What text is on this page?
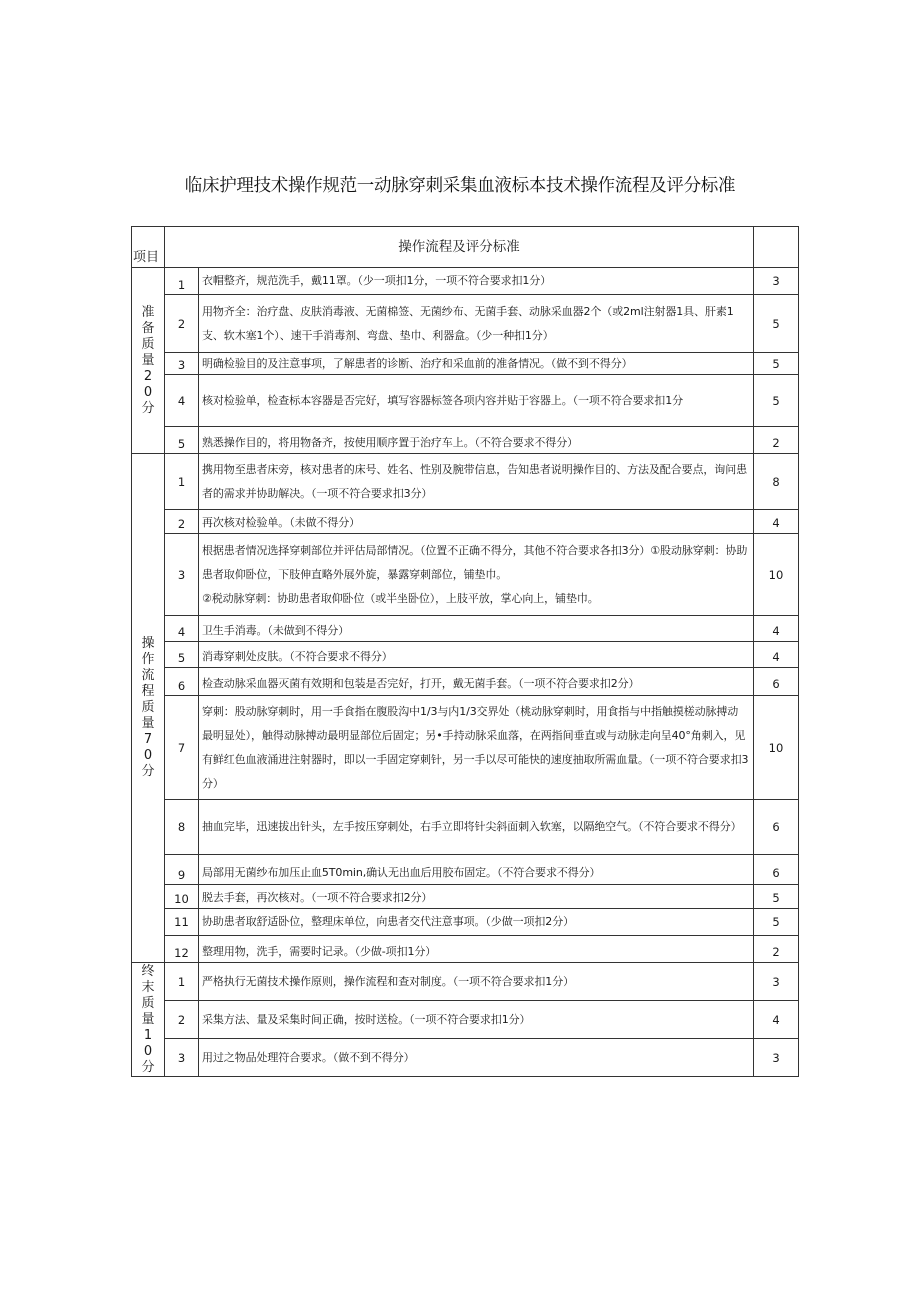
临床护理技术操作规范一动脉穿刺采集血液标本技术操作流程及评分标准
项目	操作流程及评分标准		
准备质量20分	1	衣帽整齐，规范洗手，戴11罩。（少一项扣1分，一项不符合要求扣1分）	3
	2	用物齐全：治疗盘、皮肤消毒液、无菌棉签、无菌纱布、无菌手套、动脉采血器2个（或2ml注射器1具、肝素1支、软木塞1个）、速干手消毒剂、弯盘、垫巾、利器盒。（少一种扣1分）	5
	3	明确检验目的及注意事项，了解患者的诊断、治疗和采血前的准备情况。（做不到不得分）	5
	4	核对检验单，检查标本容器是否完好，填写容器标签各项内容并贴于容器上。（一项不符合要求扣1分	5
	5	熟悉操作目的，将用物备齐，按使用顺序置于治疗车上。（不符合要求不得分）	2
操作流程质量70分	1	携用物至患者床旁，核对患者的床号、姓名、性别及腕带信息，告知患者说明操作目的、方法及配合要点，询问患者的需求并协助解决。（一项不符合要求扣3分）	8
	2	再次核对检验单。（未做不得分）	4
	3	根据患者情况选择穿刺部位并评估局部情况。（位置不正确不得分，其他不符合要求各扣3分）①股动脉穿刺：协助患者取仰卧位，下肢伸直略外展外旋，暴露穿刺部位，铺垫巾。
②税动脉穿刺：协助患者取仰卧位（或半坐卧位），上肢平放，掌心向上，铺垫巾。	10
	4	卫生手消毒。（未做到不得分）	4
	5	消毒穿刺处皮肤。（不符合要求不得分）	4
	6	检查动脉采血器灭菌有效期和包装是否完好，打开，戴无菌手套。（一项不符合要求扣2分）	6
	7	穿刺：股动脉穿刺时，用一手食指在腹股沟中1/3与内1/3交界处（桃动脉穿刺时，用食指与中指触摸槎动脉搏动最明显处），触得动脉搏动最明显部位后固定；另•手持动脉采血落，在两指间垂直或与动脉走向呈40°角刺入，见有鲜红色血液涌进注射器时，即以一手固定穿刺针，另一手以尽可能快的速度抽取所需血量。（一项不符合要求扣3分）	10
	8	抽血完毕，迅速拔出针头，左手按压穿刺处，右手立即将针尖斜面刺入软塞，以隔绝空气。（不符合要求不得分）	6
	9	局部用无菌纱布加压止血5T0min,确认无出血后用胶布固定。（不符合要求不得分）	6
	10	脱去手套，再次核对。（一项不符合要求扣2分）	5
	11	协助患者取舒适卧位，整理床单位，向患者交代注意事项。（少做一项扣2分）	5
	12	整理用物，洗手，需要时记录。（少做-项扣1分）	2
终末质量10分	1	严格执行无菌技术操作原则，操作流程和查对制度。（一项不符合要求扣1分）	3
	2	采集方法、量及采集时间正确，按时送检。（一项不符合要求扣1分）	4
	3	用过之物品处理符合要求。（做不到不得分）	3
